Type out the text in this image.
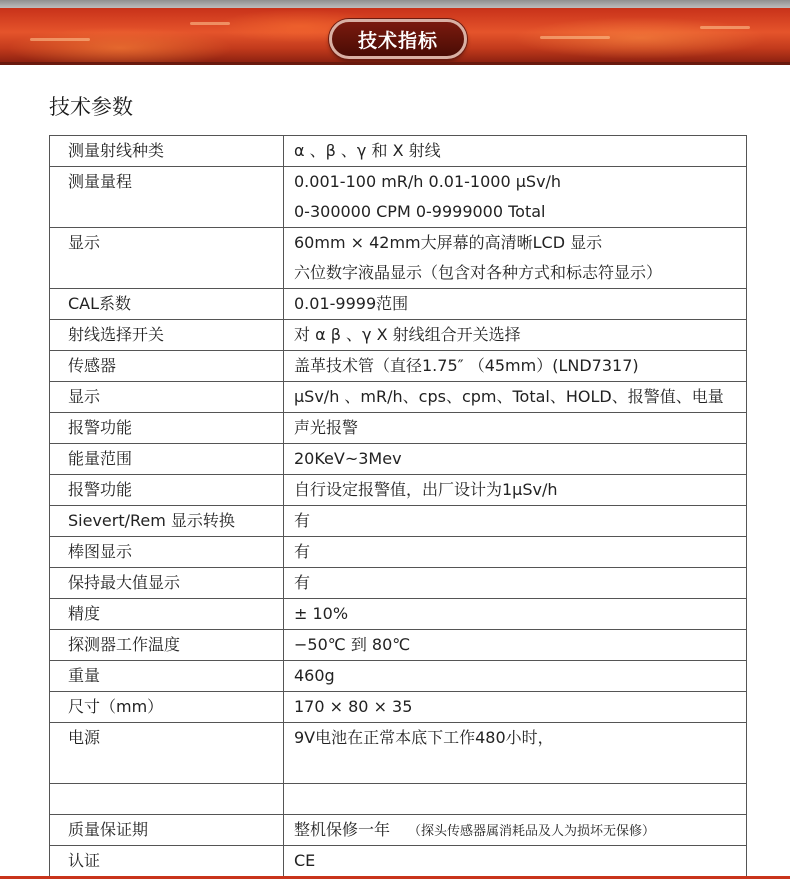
技术指标
技术参数
测量射线种类	α 、β 、γ 和 X 射线

测量量程	0.001-100 mR/h 0.01-1000 μSv/h
0-300000 CPM 0-9999000 Total

显示	60mm × 42mm大屏幕的高清晰LCD 显示
六位数字液晶显示（包含对各种方式和标志符显示）

CAL系数	0.01-9999范围

射线选择开关	对 α β 、γ X 射线组合开关选择

传感器	盖革技术管（直径1.75″ （45mm）(LND7317)

显示	μSv/h 、mR/h、cps、cpm、Total、HOLD、报警值、电量

报警功能	声光报警

能量范围	20KeV~3Mev

报警功能	自行设定报警值，出厂设计为1μSv/h

Sievert/Rem 显示转换	有

棒图显示	有

保持最大值显示	有

精度	± 10%

探测器工作温度	−50℃ 到 80℃

重量	460g

尺寸（mm）	170 × 80 × 35

电源	9V电池在正常本底下工作480小时，

质量保证期	整机保修一年 （探头传感器属消耗品及人为损坏无保修）

认证	CE
